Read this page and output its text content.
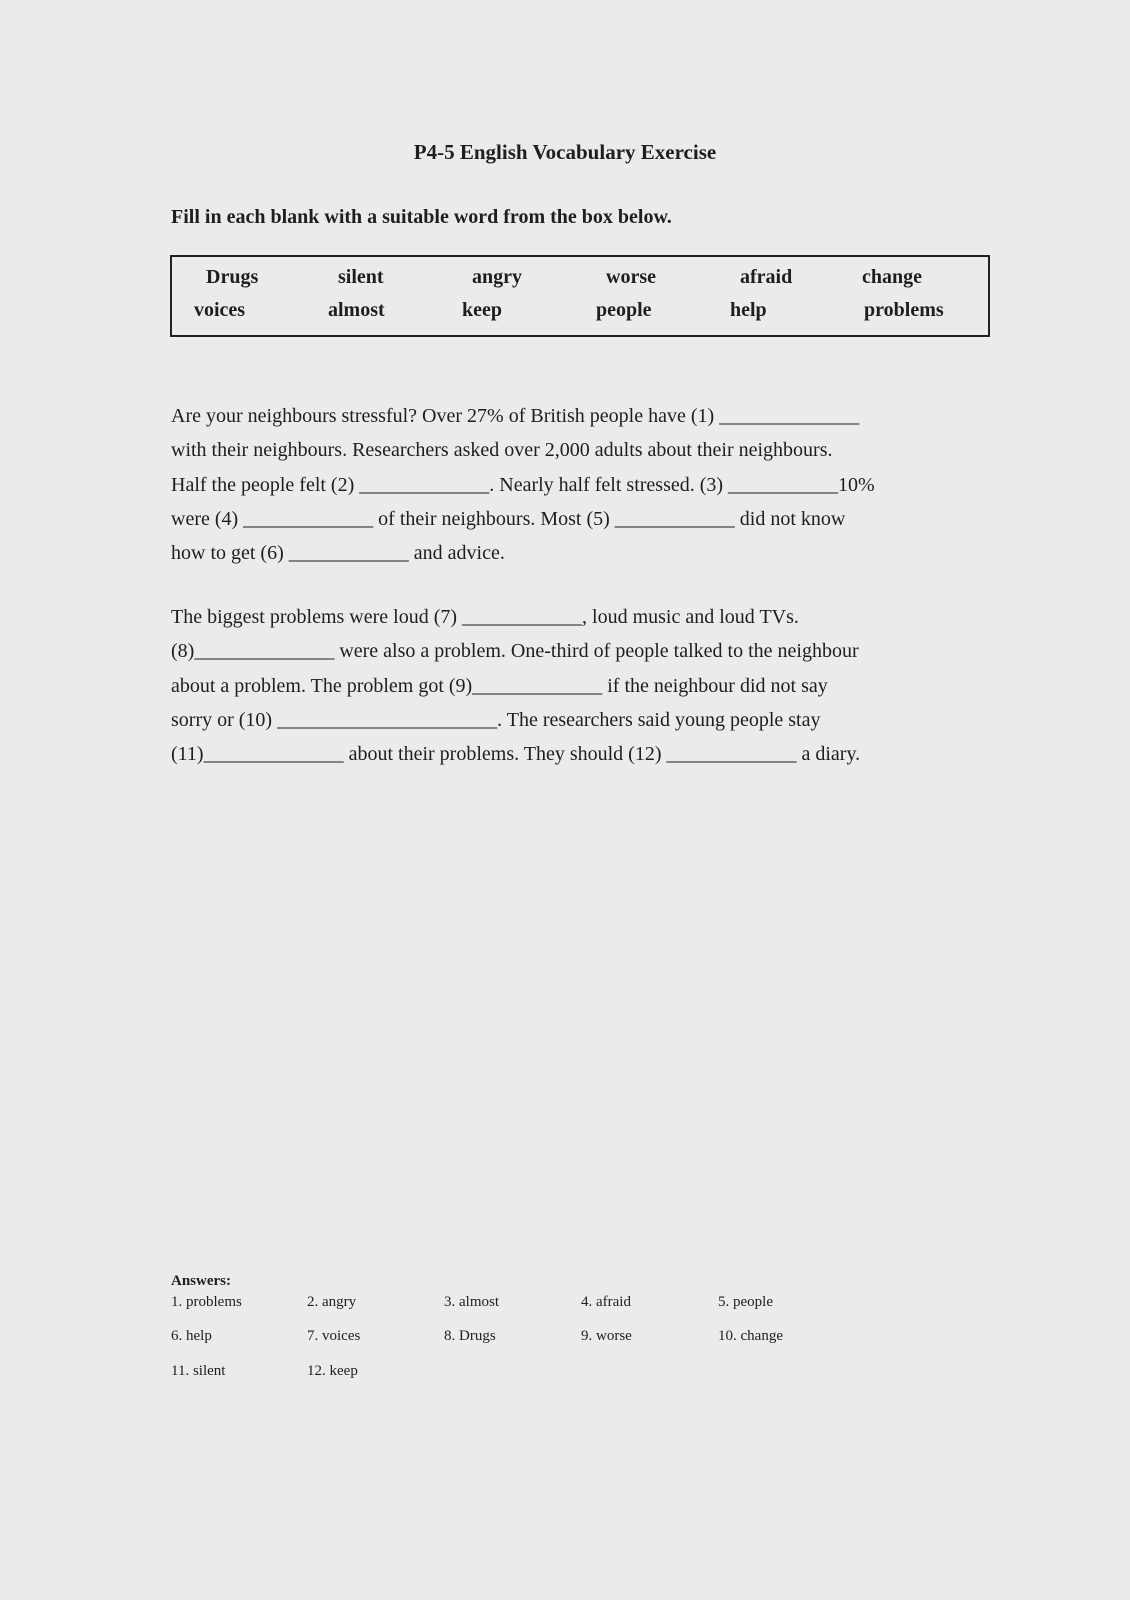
P4-5 English Vocabulary Exercise
Fill in each blank with a suitable word from the box below.
Drugs	silent	angry	worse	afraid	change
voices	almost	keep	people	help	problems
Answers:
Are your neighbours stressful? Over 27% of British people have (1) ______________
with their neighbours. Researchers asked over 2,000 adults about their neighbours.
Half the people felt (2) _____________. Nearly half felt stressed. (3) ___________10%
were (4) _____________ of their neighbours. Most (5) ____________ did not know
how to get (6) ____________ and advice.
The biggest problems were loud (7) ____________, loud music and loud TVs.
(8)______________ were also a problem. One-third of people talked to the neighbour
about a problem. The problem got (9)_____________ if the neighbour did not say
sorry or (10) ______________________. The researchers said young people stay
(11)______________ about their problems. They should (12) _____________ a diary.
1. problems	2. angry	3. almost	4. afraid	5. people
6. help	7. voices	8. Drugs	9. worse	10. change
11. silent	12. keep
